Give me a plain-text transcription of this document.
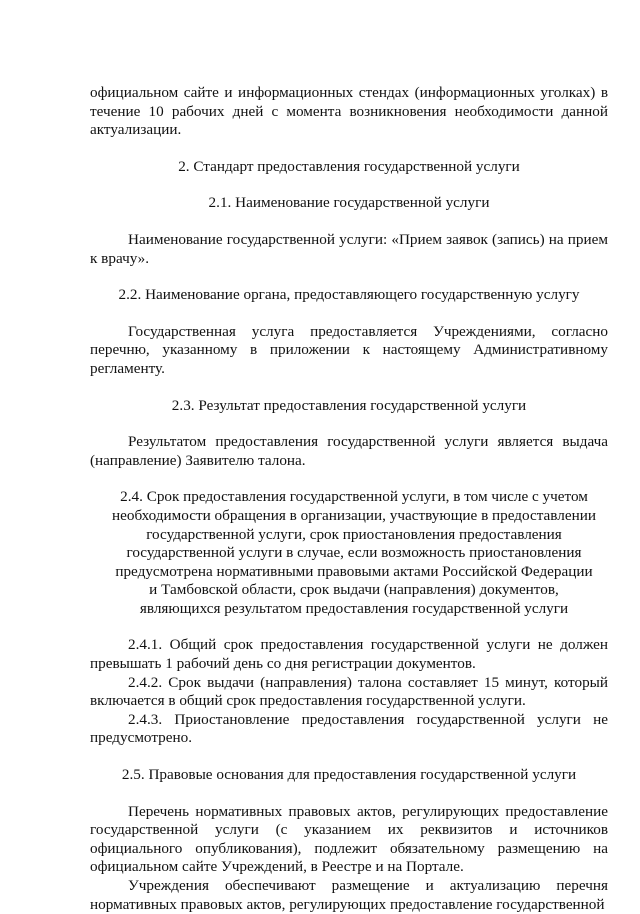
официальном сайте и информационных стендах (информационных уголках) в течение 10 рабочих дней с момента возникновения необходимости данной актуализации.

2. Стандарт предоставления государственной услуги

2.1. Наименование государственной услуги

Наименование государственной услуги: «Прием заявок (запись) на прием к врачу».

2.2. Наименование органа, предоставляющего государственную услугу

Государственная услуга предоставляется Учреждениями, согласно перечню, указанному в приложении к настоящему Административному регламенту.

2.3. Результат предоставления государственной услуги

Результатом предоставления государственной услуги является выдача (направление) Заявителю талона.

2.4. Срок предоставления государственной услуги, в том числе с учетом необходимости обращения в организации, участвующие в предоставлении государственной услуги, срок приостановления предоставления государственной услуги в случае, если возможность приостановления предусмотрена нормативными правовыми актами Российской Федерации и Тамбовской области, срок выдачи (направления) документов, являющихся результатом предоставления государственной услуги

2.4.1. Общий срок предоставления государственной услуги не должен превышать 1 рабочий день со дня регистрации документов.

2.4.2. Срок выдачи (направления) талона составляет 15 минут, который включается в общий срок предоставления государственной услуги.

2.4.3. Приостановление предоставления государственной услуги не предусмотрено.

2.5. Правовые основания для предоставления государственной услуги

Перечень нормативных правовых актов, регулирующих предоставление государственной услуги (с указанием их реквизитов и источников официального опубликования), подлежит обязательному размещению на официальном сайте Учреждений, в Реестре и на Портале.

Учреждения обеспечивают размещение и актуализацию перечня нормативных правовых актов, регулирующих предоставление государственной
